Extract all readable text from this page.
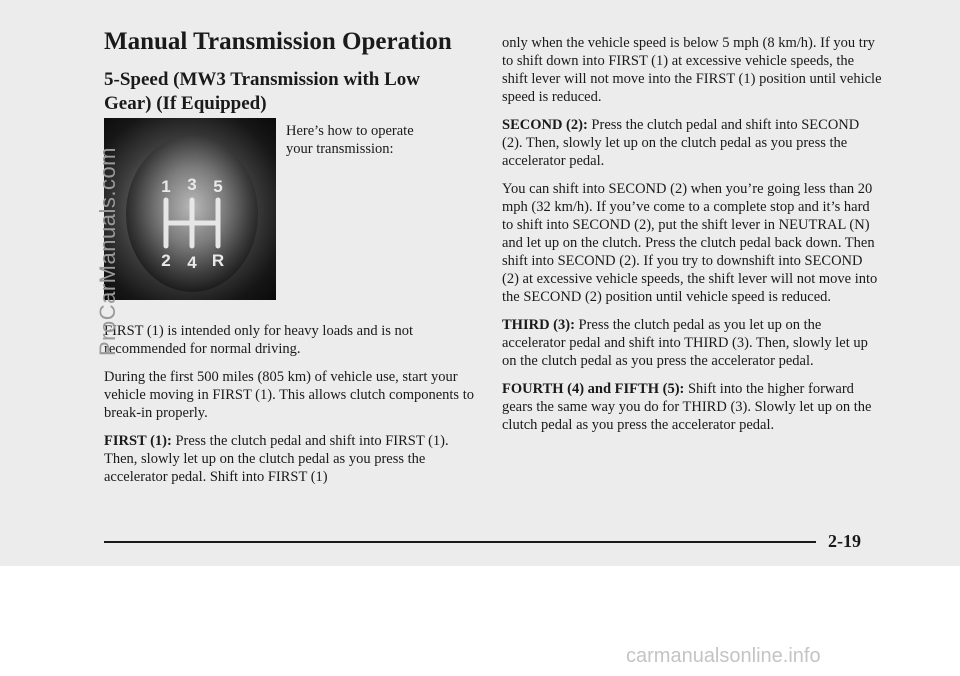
Manual Transmission Operation
5-Speed (MW3 Transmission with Low Gear) (If Equipped)
1 3 5
2 4 R
Here’s how to operate your transmission:

FIRST (1) is intended only for heavy loads and is not recommended for normal driving.

During the first 500 miles (805 km) of vehicle use, start your vehicle moving in FIRST (1). This allows clutch components to break-in properly.

FIRST (1): Press the clutch pedal and shift into FIRST (1). Then, slowly let up on the clutch pedal as you press the accelerator pedal. Shift into FIRST (1)

only when the vehicle speed is below 5 mph (8 km/h). If you try to shift down into FIRST (1) at excessive vehicle speeds, the shift lever will not move into the FIRST (1) position until vehicle speed is reduced.

SECOND (2): Press the clutch pedal and shift into SECOND (2). Then, slowly let up on the clutch pedal as you press the accelerator pedal.

You can shift into SECOND (2) when you’re going less than 20 mph (32 km/h). If you’ve come to a complete stop and it’s hard to shift into SECOND (2), put the shift lever in NEUTRAL (N) and let up on the clutch. Press the clutch pedal back down. Then shift into SECOND (2). If you try to downshift into SECOND (2) at excessive vehicle speeds, the shift lever will not move into the SECOND (2) position until vehicle speed is reduced.

THIRD (3): Press the clutch pedal as you let up on the accelerator pedal and shift into THIRD (3). Then, slowly let up on the clutch pedal as you press the accelerator pedal.

FOURTH (4) and FIFTH (5): Shift into the higher forward gears the same way you do for THIRD (3). Slowly let up on the clutch pedal as you press the accelerator pedal.

ProCarManuals.com
2-19
carmanualsonline.info
